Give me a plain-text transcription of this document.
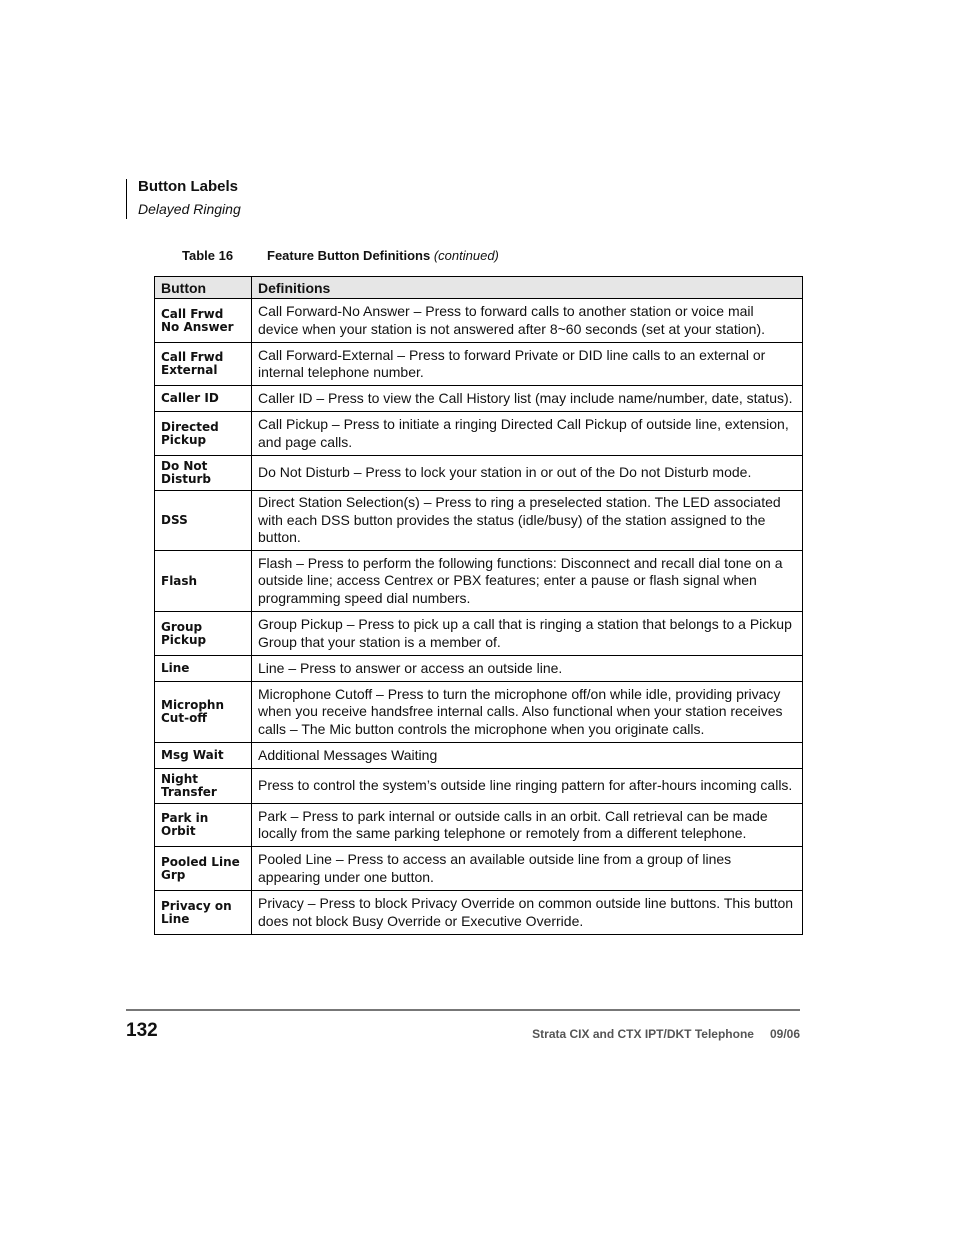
Button Labels
Delayed Ringing
Table 16	Feature Button Definitions (continued)
Button	Definitions
Call Frwd No Answer	Call Forward-No Answer – Press to forward calls to another station or voice mail device when your station is not answered after 8~60 seconds (set at your station).
Call Frwd External	Call Forward-External – Press to forward Private or DID line calls to an external or internal telephone number.
Caller ID	Caller ID – Press to view the Call History list (may include name/number, date, status).
Directed Pickup	Call Pickup – Press to initiate a ringing Directed Call Pickup of outside line, extension, and page calls.
Do Not Disturb	Do Not Disturb – Press to lock your station in or out of the Do not Disturb mode.
DSS	Direct Station Selection(s) – Press to ring a preselected station. The LED associated with each DSS button provides the status (idle/busy) of the station assigned to the button.
Flash	Flash – Press to perform the following functions: Disconnect and recall dial tone on a outside line; access Centrex or PBX features; enter a pause or flash signal when programming speed dial numbers.
Group Pickup	Group Pickup – Press to pick up a call that is ringing a station that belongs to a Pickup Group that your station is a member of.
Line	Line – Press to answer or access an outside line.
Microphn Cut-off	Microphone Cutoff – Press to turn the microphone off/on while idle, providing privacy when you receive handsfree internal calls. Also functional when your station receives calls – The Mic button controls the microphone when you originate calls.
Msg Wait	Additional Messages Waiting
Night Transfer	Press to control the system’s outside line ringing pattern for after-hours incoming calls.
Park in Orbit	Park – Press to park internal or outside calls in an orbit. Call retrieval can be made locally from the same parking telephone or remotely from a different telephone.
Pooled Line Grp	Pooled Line – Press to access an available outside line from a group of lines appearing under one button.
Privacy on Line	Privacy – Press to block Privacy Override on common outside line buttons. This button does not block Busy Override or Executive Override.
132	Strata CIX and CTX IPT/DKT Telephone 09/06
